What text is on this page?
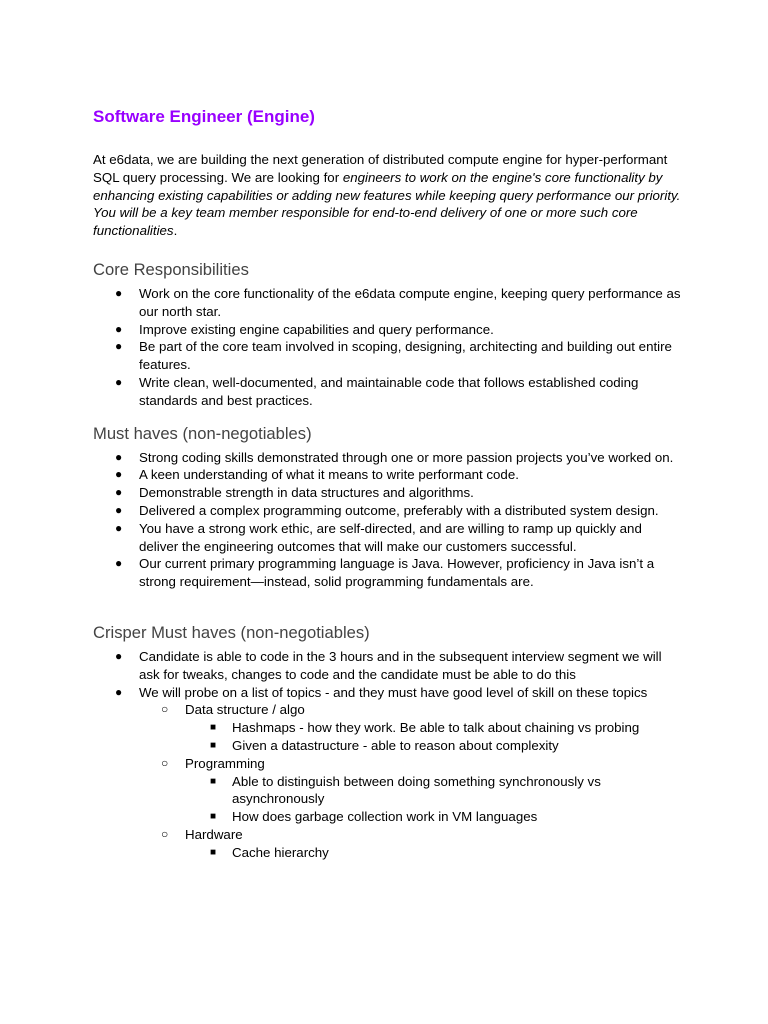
Software Engineer (Engine)

At e6data, we are building the next generation of distributed compute engine for hyper-performant SQL query processing. We are looking for engineers to work on the engine's core functionality by enhancing existing capabilities or adding new features while keeping query performance our priority. You will be a key team member responsible for end-to-end delivery of one or more such core functionalities.

Core Responsibilities
● Work on the core functionality of the e6data compute engine, keeping query performance as our north star.
● Improve existing engine capabilities and query performance.
● Be part of the core team involved in scoping, designing, architecting and building out entire features.
● Write clean, well-documented, and maintainable code that follows established coding standards and best practices.
Must haves (non-negotiables)
● Strong coding skills demonstrated through one or more passion projects you’ve worked on.
● A keen understanding of what it means to write performant code.
● Demonstrable strength in data structures and algorithms.
● Delivered a complex programming outcome, preferably with a distributed system design.
● You have a strong work ethic, are self-directed, and are willing to ramp up quickly and deliver the engineering outcomes that will make our customers successful.
● Our current primary programming language is Java. However, proficiency in Java isn’t a strong requirement—instead, solid programming fundamentals are.
Crisper Must haves (non-negotiables)
● Candidate is able to code in the 3 hours and in the subsequent interview segment we will ask for tweaks, changes to code and the candidate must be able to do this
● We will probe on a list of topics - and they must have good level of skill on these topics
○ Data structure / algo
■ Hashmaps - how they work. Be able to talk about chaining vs probing
■ Given a datastructure - able to reason about complexity
○ Programming
■ Able to distinguish between doing something synchronously vs asynchronously
■ How does garbage collection work in VM languages
○ Hardware
■ Cache hierarchy
